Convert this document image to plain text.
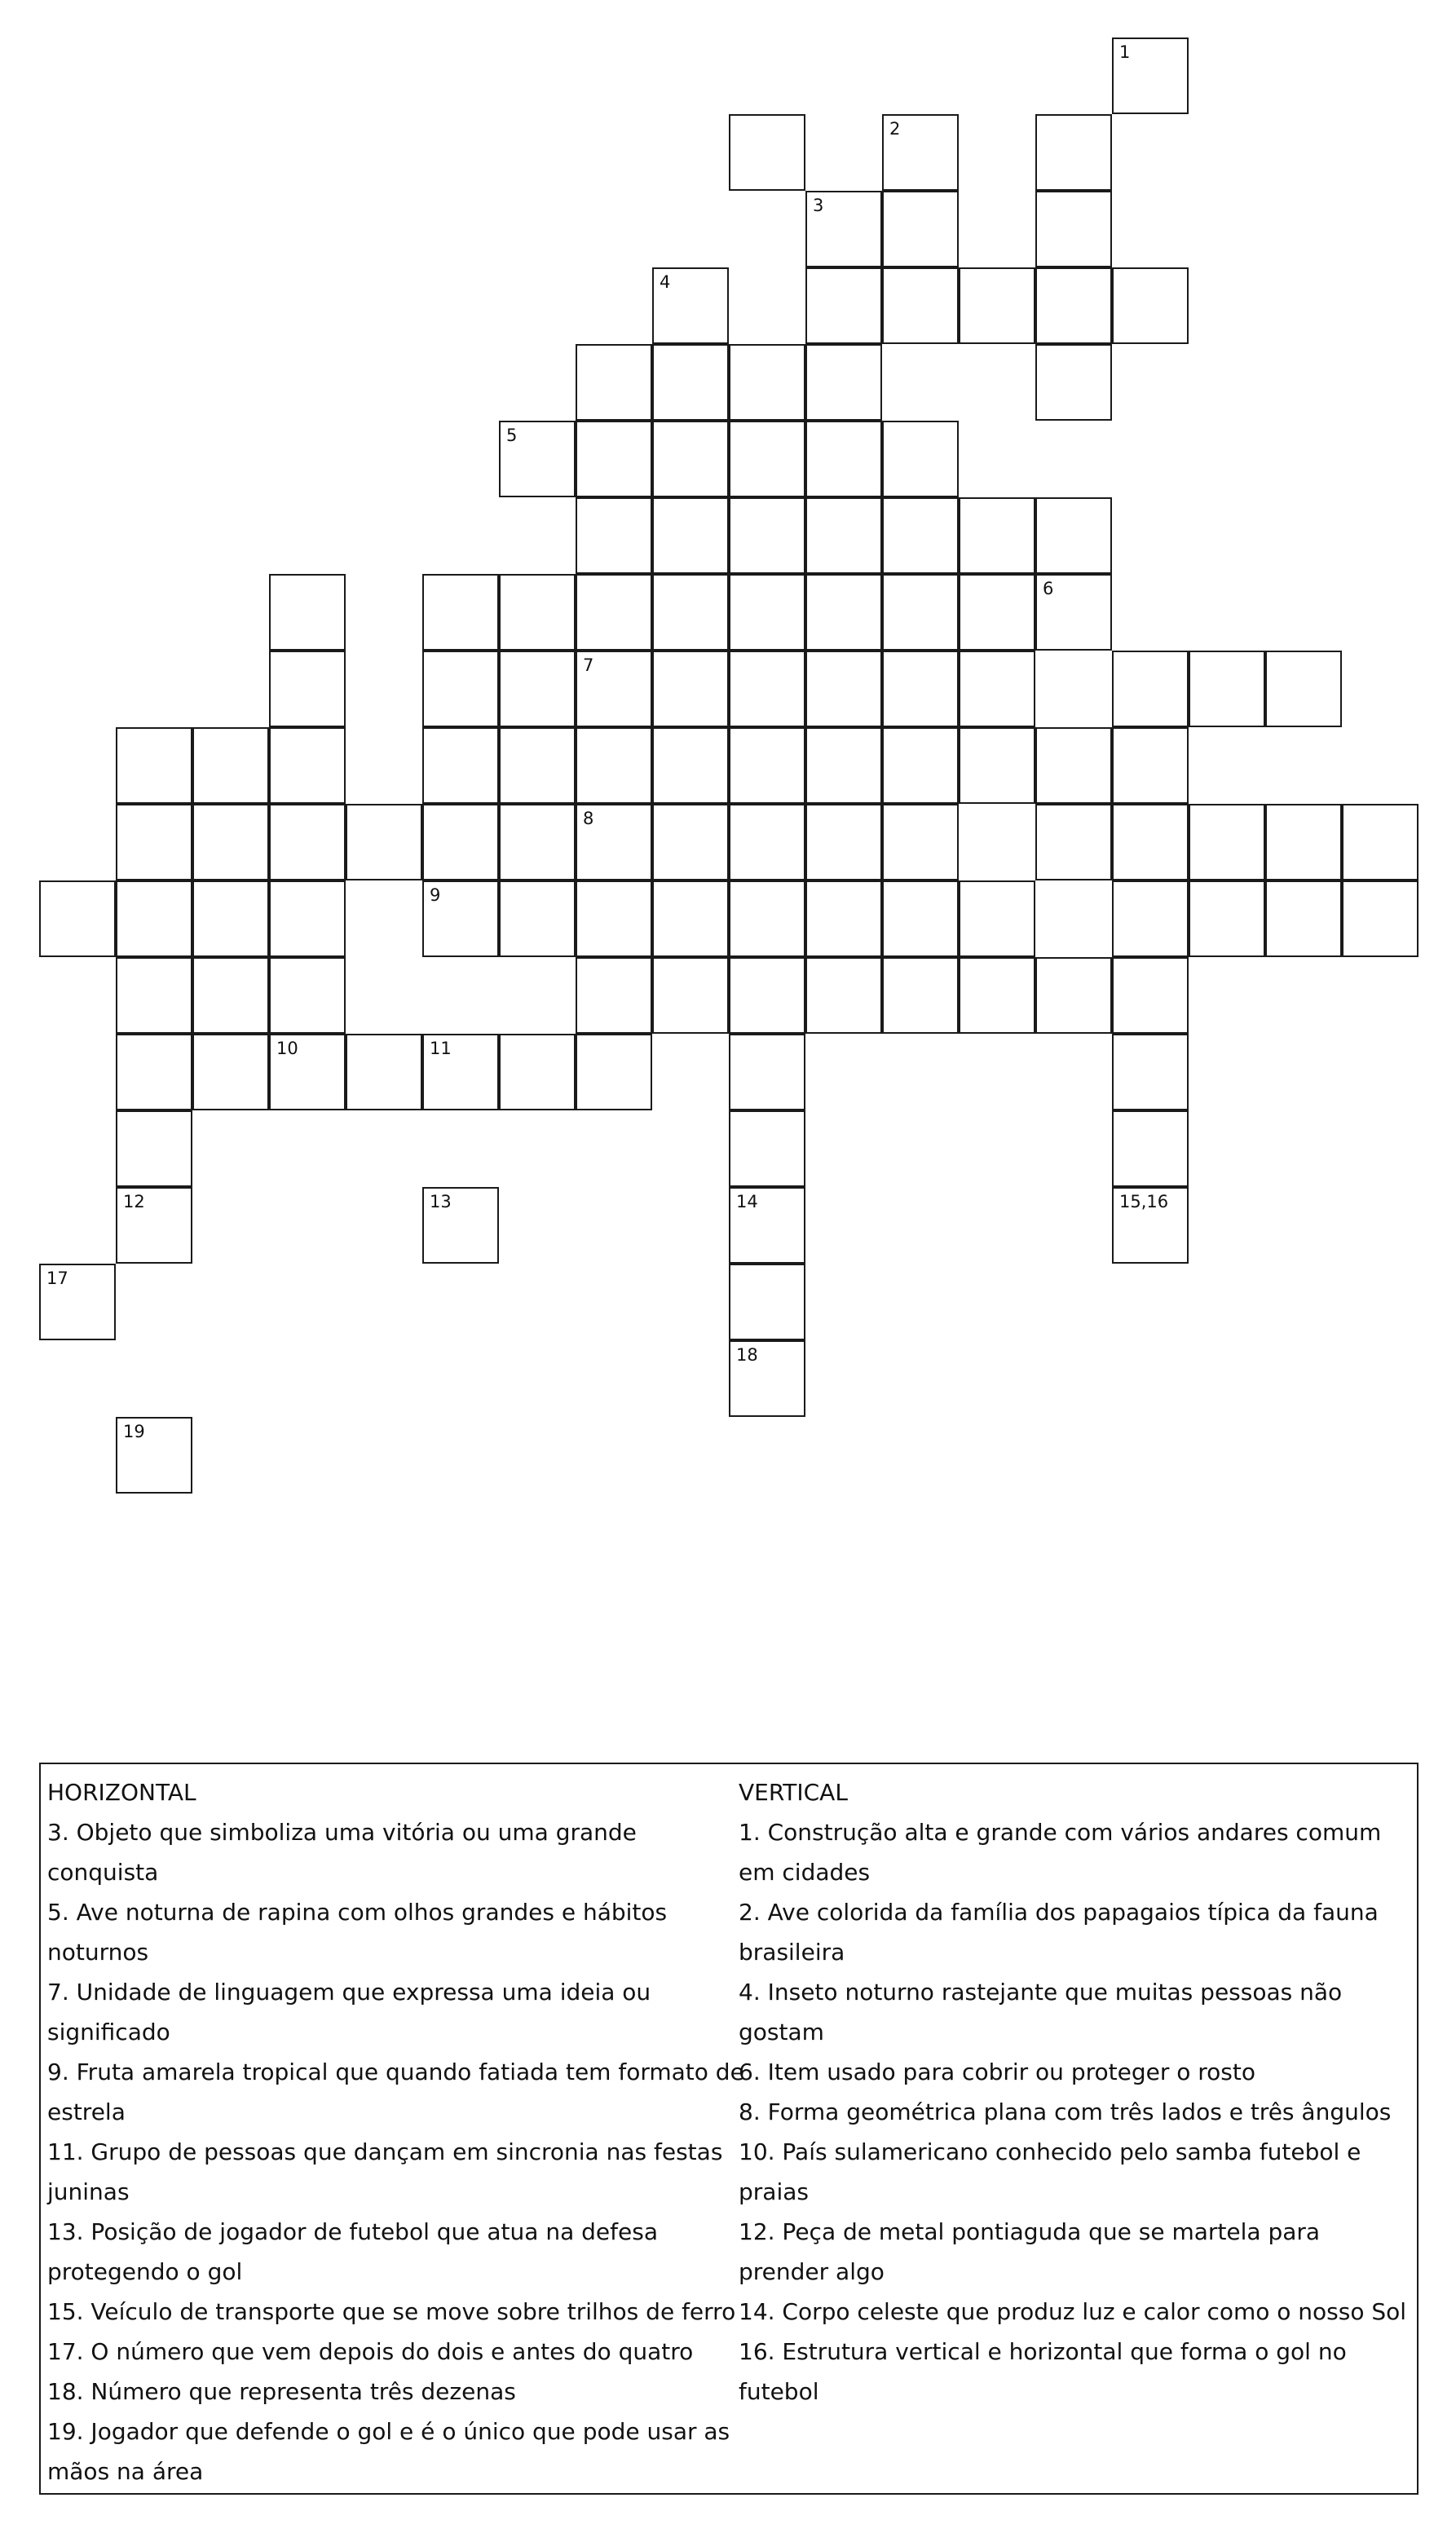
2
3
5
6
7
8
9
10	11
14
1
4
12	13	15,16
17
18
19
HORIZONTAL
3. Objeto que simboliza uma vitória ou uma grande conquista
5. Ave noturna de rapina com olhos grandes e hábitos noturnos
7. Unidade de linguagem que expressa uma ideia ou significado
9. Fruta amarela tropical que quando fatiada tem formato de estrela
11. Grupo de pessoas que dançam em sincronia nas festas juninas
13. Posição de jogador de futebol que atua na defesa protegendo o gol
15. Veículo de transporte que se move sobre trilhos de ferro
17. O número que vem depois do dois e antes do quatro
18. Número que representa três dezenas
19. Jogador que defende o gol e é o único que pode usar as mãos na área
VERTICAL
1. Construção alta e grande com vários andares comum em cidades
2. Ave colorida da família dos papagaios típica da fauna brasileira
4. Inseto noturno rastejante que muitas pessoas não gostam
6. Item usado para cobrir ou proteger o rosto
8. Forma geométrica plana com três lados e três ângulos
10. País sulamericano conhecido pelo samba futebol e praias
12. Peça de metal pontiaguda que se martela para prender algo
14. Corpo celeste que produz luz e calor como o nosso Sol
16. Estrutura vertical e horizontal que forma o gol no futebol
